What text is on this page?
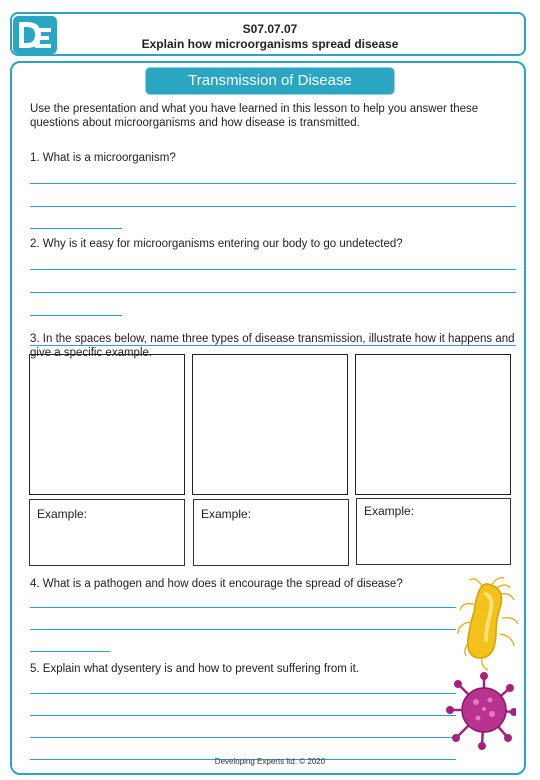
S07.07.07
Explain how microorganisms spread disease
Transmission of Disease
Use the presentation and what you have learned in this lesson to help you answer these questions about microorganisms and how disease is transmitted.
1. What is a microorganism?
2. Why is it easy for microorganisms entering our body to go undetected?
3. In the spaces below, name three types of disease transmission, illustrate how it happens and give a specific example.
Example:	Example:	Example:
4. What is a pathogen and how does it encourage the spread of disease?
5. Explain what dysentery is and how to prevent suffering from it.
Developing Experts ltd. © 2020
